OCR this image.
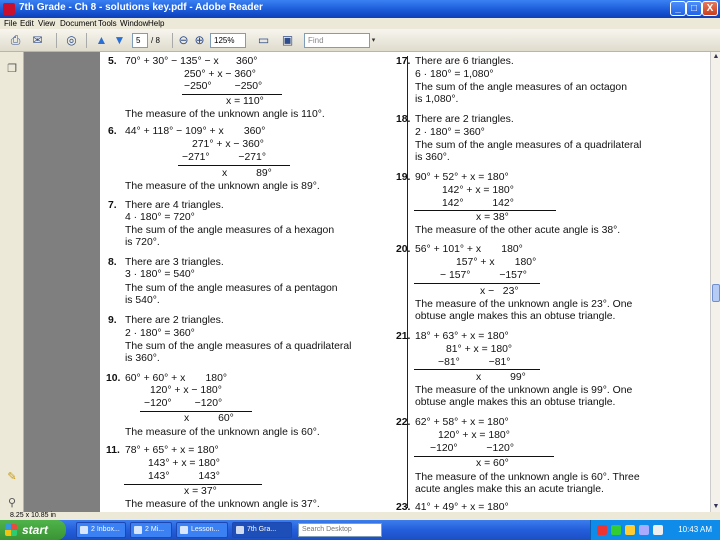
7th Grade - Ch 8 - solutions key.pdf - Adobe Reader	_	□ X
File Edit View Document Tools Window Help
⎙ ✉ ◎ ▲ ▼	5	/ 8 ⊖ ⊕	125%	▭ ▣	Find	▾
❐
✎
⚲
5. 70° + 30° − 135° − x      360°
250° + x − 360°
−250°        −250°
x = 110°
The measure of the unknown angle is 110°.
6. 44° + 118° − 109° + x       360°
271° + x − 360°
−271°          −271°
x          89°
The measure of the unknown angle is 89°.
7. There are 4 triangles.
4 · 180° = 720°
The sum of the angle measures of a hexagon
is 720°.
8. There are 3 triangles.
3 · 180° = 540°
The sum of the angle measures of a pentagon
is 540°.
9. There are 2 triangles.
2 · 180° = 360°
The sum of the angle measures of a quadrilateral
is 360°.
10. 60° + 60° + x       180°
120° + x − 180°
−120°        −120°
x          60°
The measure of the unknown angle is 60°.
11. 78° + 65° + x = 180°
143° + x = 180°
143°          143°
x = 37°
The measure of the unknown angle is 37°.
17. There are 6 triangles.
6 · 180° = 1,080°
The sum of the angle measures of an octagon
is 1,080°.
18. There are 2 triangles.
2 · 180° = 360°
The sum of the angle measures of a quadrilateral
is 360°.
19. 90° + 52° + x = 180°
142° + x = 180°
142°          142°
x = 38°
The measure of the other acute angle is 38°.
20. 56° + 101° + x       180°
157° + x       180°
− 157°          −157°
x −   23°
The measure of the unknown angle is 23°. One
obtuse angle makes this an obtuse triangle.
21. 18° + 63° + x = 180°
81° + x = 180°
−81°          −81°
x          99°
The measure of the unknown angle is 99°. One
obtuse angle makes this an obtuse triangle.
22. 62° + 58° + x = 180°
120° + x = 180°
−120°          −120°
x = 60°
The measure of the unknown angle is 60°. Three
acute angles make this an acute triangle.
23. 41° + 49° + x = 180°
▲
▼
8.25 x 10.85 in
start	2 Inbox...	2 Mi...	Lesson...	7th Gra...	Search Desktop	10:43 AM
